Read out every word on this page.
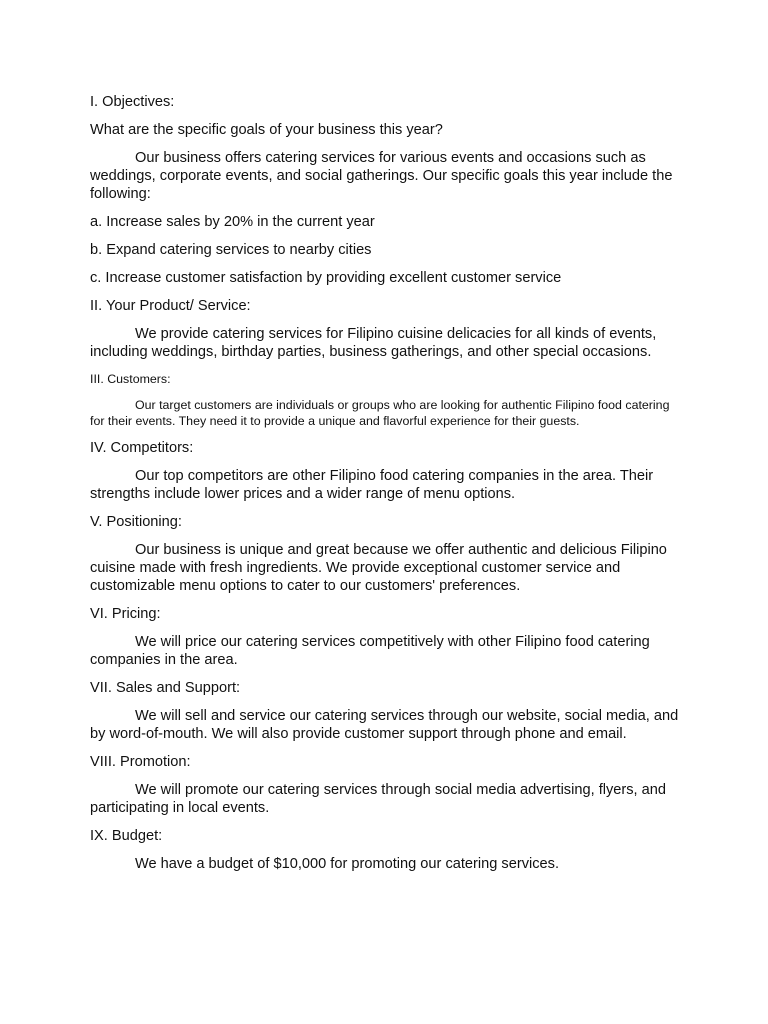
I. Objectives:

What are the specific goals of your business this year?

Our business offers catering services for various events and occasions such as weddings, corporate events, and social gatherings. Our specific goals this year include the following:

a. Increase sales by 20% in the current year

b. Expand catering services to nearby cities

c. Increase customer satisfaction by providing excellent customer service

II. Your Product/ Service:

We provide catering services for Filipino cuisine delicacies for all kinds of events, including weddings, birthday parties, business gatherings, and other special occasions.

III. Customers:

Our target customers are individuals or groups who are looking for authentic Filipino food catering for their events. They need it to provide a unique and flavorful experience for their guests.

IV. Competitors:

Our top competitors are other Filipino food catering companies in the area. Their strengths include lower prices and a wider range of menu options.

V. Positioning:

Our business is unique and great because we offer authentic and delicious Filipino cuisine made with fresh ingredients. We provide exceptional customer service and customizable menu options to cater to our customers' preferences.

VI. Pricing:

We will price our catering services competitively with other Filipino food catering companies in the area.

VII. Sales and Support:

We will sell and service our catering services through our website, social media, and by word-of-mouth. We will also provide customer support through phone and email.

VIII. Promotion:

We will promote our catering services through social media advertising, flyers, and participating in local events.

IX. Budget:

We have a budget of $10,000 for promoting our catering services.
